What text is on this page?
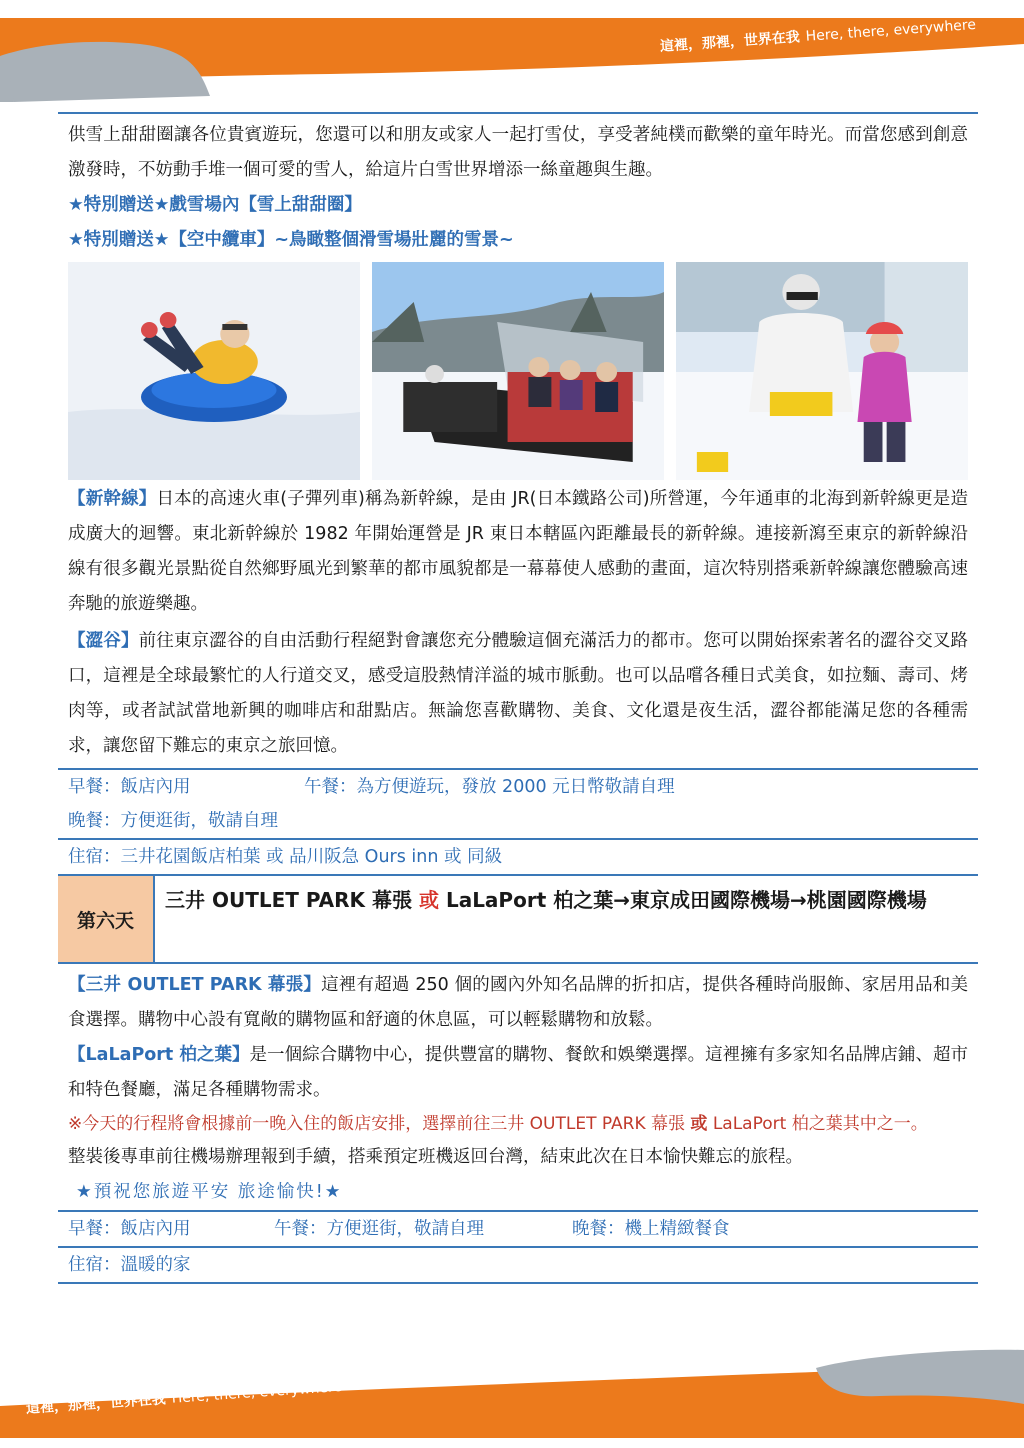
這裡，那裡，世界在我 Here, there, everywhere
供雪上甜甜圈讓各位貴賓遊玩，您還可以和朋友或家人一起打雪仗，享受著純樸而歡樂的童年時光。而當您感到創意激發時，不妨動手堆一個可愛的雪人，給這片白雪世界增添一絲童趣與生趣。
★特別贈送★戲雪場內【雪上甜甜圈】
★特別贈送★【空中纜車】~鳥瞰整個滑雪場壯麗的雪景~
【新幹線】日本的高速火車(子彈列車)稱為新幹線，是由 JR(日本鐵路公司)所營運，今年通車的北海到新幹線更是造成廣大的迴響。東北新幹線於 1982 年開始運營是 JR 東日本轄區內距離最長的新幹線。連接新瀉至東京的新幹線沿線有很多觀光景點從自然鄉野風光到繁華的都市風貌都是一幕幕使人感動的畫面，這次特別搭乘新幹線讓您體驗高速奔馳的旅遊樂趣。
【澀谷】前往東京澀谷的自由活動行程絕對會讓您充分體驗這個充滿活力的都市。您可以開始探索著名的澀谷交叉路口，這裡是全球最繁忙的人行道交叉，感受這股熱情洋溢的城市脈動。也可以品嚐各種日式美食，如拉麵、壽司、烤肉等，或者試試當地新興的咖啡店和甜點店。無論您喜歡購物、美食、文化還是夜生活，澀谷都能滿足您的各種需求，讓您留下難忘的東京之旅回憶。
早餐：飯店內用	午餐：為方便遊玩，發放 2000 元日幣敬請自理
晚餐：方便逛街，敬請自理
住宿：三井花園飯店柏葉 或 品川阪急 Ours inn 或 同級
第六天
三井 OUTLET PARK 幕張 或 LaLaPort 柏之葉→東京成田國際機場→桃園國際機場
【三井 OUTLET PARK 幕張】這裡有超過 250 個的國內外知名品牌的折扣店，提供各種時尚服飾、家居用品和美食選擇。購物中心設有寬敞的購物區和舒適的休息區，可以輕鬆購物和放鬆。
【LaLaPort 柏之葉】是一個綜合購物中心，提供豐富的購物、餐飲和娛樂選擇。這裡擁有多家知名品牌店鋪、超市和特色餐廳，滿足各種購物需求。
※今天的行程將會根據前一晚入住的飯店安排，選擇前往三井 OUTLET PARK 幕張 或 LaLaPort 柏之葉其中之一。
整裝後專車前往機場辦理報到手續，搭乘預定班機返回台灣，結束此次在日本愉快難忘的旅程。
★預祝您旅遊平安 旅途愉快!★
早餐：飯店內用	午餐：方便逛街，敬請自理	晚餐：機上精緻餐食
住宿：溫暖的家
這裡，那裡，世界在我 Here, there, everywhere
